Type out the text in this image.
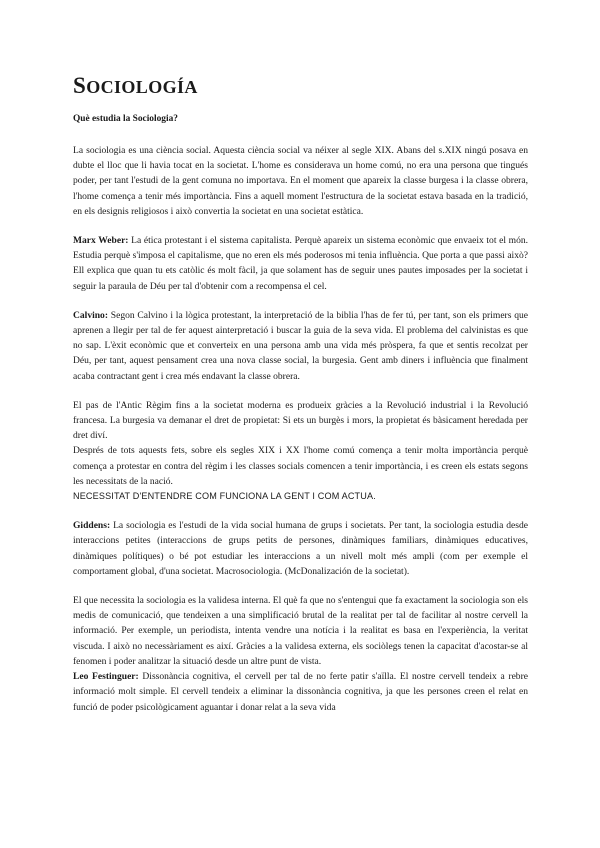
SOCIOLOGÍA
Què estudia la Sociologia?

La sociologia es una ciència social. Aquesta ciència social va néixer al segle XIX. Abans del s.XIX ningú posava en dubte el lloc que li havia tocat en la societat. L'home es considerava un home comú, no era una persona que tingués poder, per tant l'estudi de la gent comuna no importava. En el moment que apareix la classe burgesa i la classe obrera, l'home comença a tenir més importància. Fins a aquell moment l'estructura de la societat estava basada en la tradició, en els designis religiosos i això convertia la societat en una societat estàtica.

Marx Weber: La ética protestant i el sistema capitalista. Perquè apareix un sistema econòmic que envaeix tot el món. Estudia perquè s'imposa el capitalisme, que no eren els més poderosos mi tenia influència. Que porta a que passi això? Ell explica que quan tu ets catòlic és molt fàcil, ja que solament has de seguir unes pautes imposades per la societat i seguir la paraula de Déu per tal d'obtenir com a recompensa el cel.

Calvino: Segon Calvino i la lògica protestant, la interpretació de la biblia l'has de fer tú, per tant, son els primers que aprenen a llegir per tal de fer aquest ainterpretació i buscar la guia de la seva vida. El problema del calvinistas es que no sap. L'èxit econòmic que et converteix en una persona amb una vida més pròspera, fa que et sentis recolzat per Déu, per tant, aquest pensament crea una nova classe social, la burgesia. Gent amb diners i influència que finalment acaba contractant gent i crea més endavant la classe obrera.

El pas de l'Antic Règim fins a la societat moderna es produeix gràcies a la Revolució industrial i la Revolució francesa. La burgesia va demanar el dret de propietat: Si ets un burgès i mors, la propietat és bàsicament heredada per dret diví.

Després de tots aquests fets, sobre els segles XIX i XX l'home comú comença a tenir molta importància perquè comença a protestar en contra del règim i les classes socials comencen a tenir importància, i es creen els estats segons les necessitats de la nació.

NECESSITAT D'ENTENDRE COM FUNCIONA LA GENT I COM ACTUA.

Giddens: La sociologia es l'estudi de la vida social humana de grups i societats. Per tant, la sociologia estudia desde interaccions petites (interaccions de grups petits de persones, dinàmiques familiars, dinàmiques educatives, dinàmiques polítiques) o bé pot estudiar les interaccions a un nivell molt més ampli (com per exemple el comportament global, d'una societat. Macrosociologia. (McDonalización de la societat).

El que necessita la sociologia es la validesa interna. El què fa que no s'entengui que fa exactament la sociologia son els medis de comunicació, que tendeixen a una simplificació brutal de la realitat per tal de facilitar al nostre cervell la informació. Per exemple, un periodista, intenta vendre una notícia i la realitat es basa en l'experiència, la veritat viscuda. I això no necessàriament es així. Gràcies a la validesa externa, els sociòlegs tenen la capacitat d'acostar-se al fenomen i poder analitzar la situació desde un altre punt de vista.

Leo Festinguer: Dissonància cognitiva, el cervell per tal de no ferte patir s'aïlla. El nostre cervell tendeix a rebre informació molt simple. El cervell tendeix a eliminar la dissonància cognitiva, ja que les persones creen el relat en funció de poder psicològicament aguantar i donar relat a la seva vida
